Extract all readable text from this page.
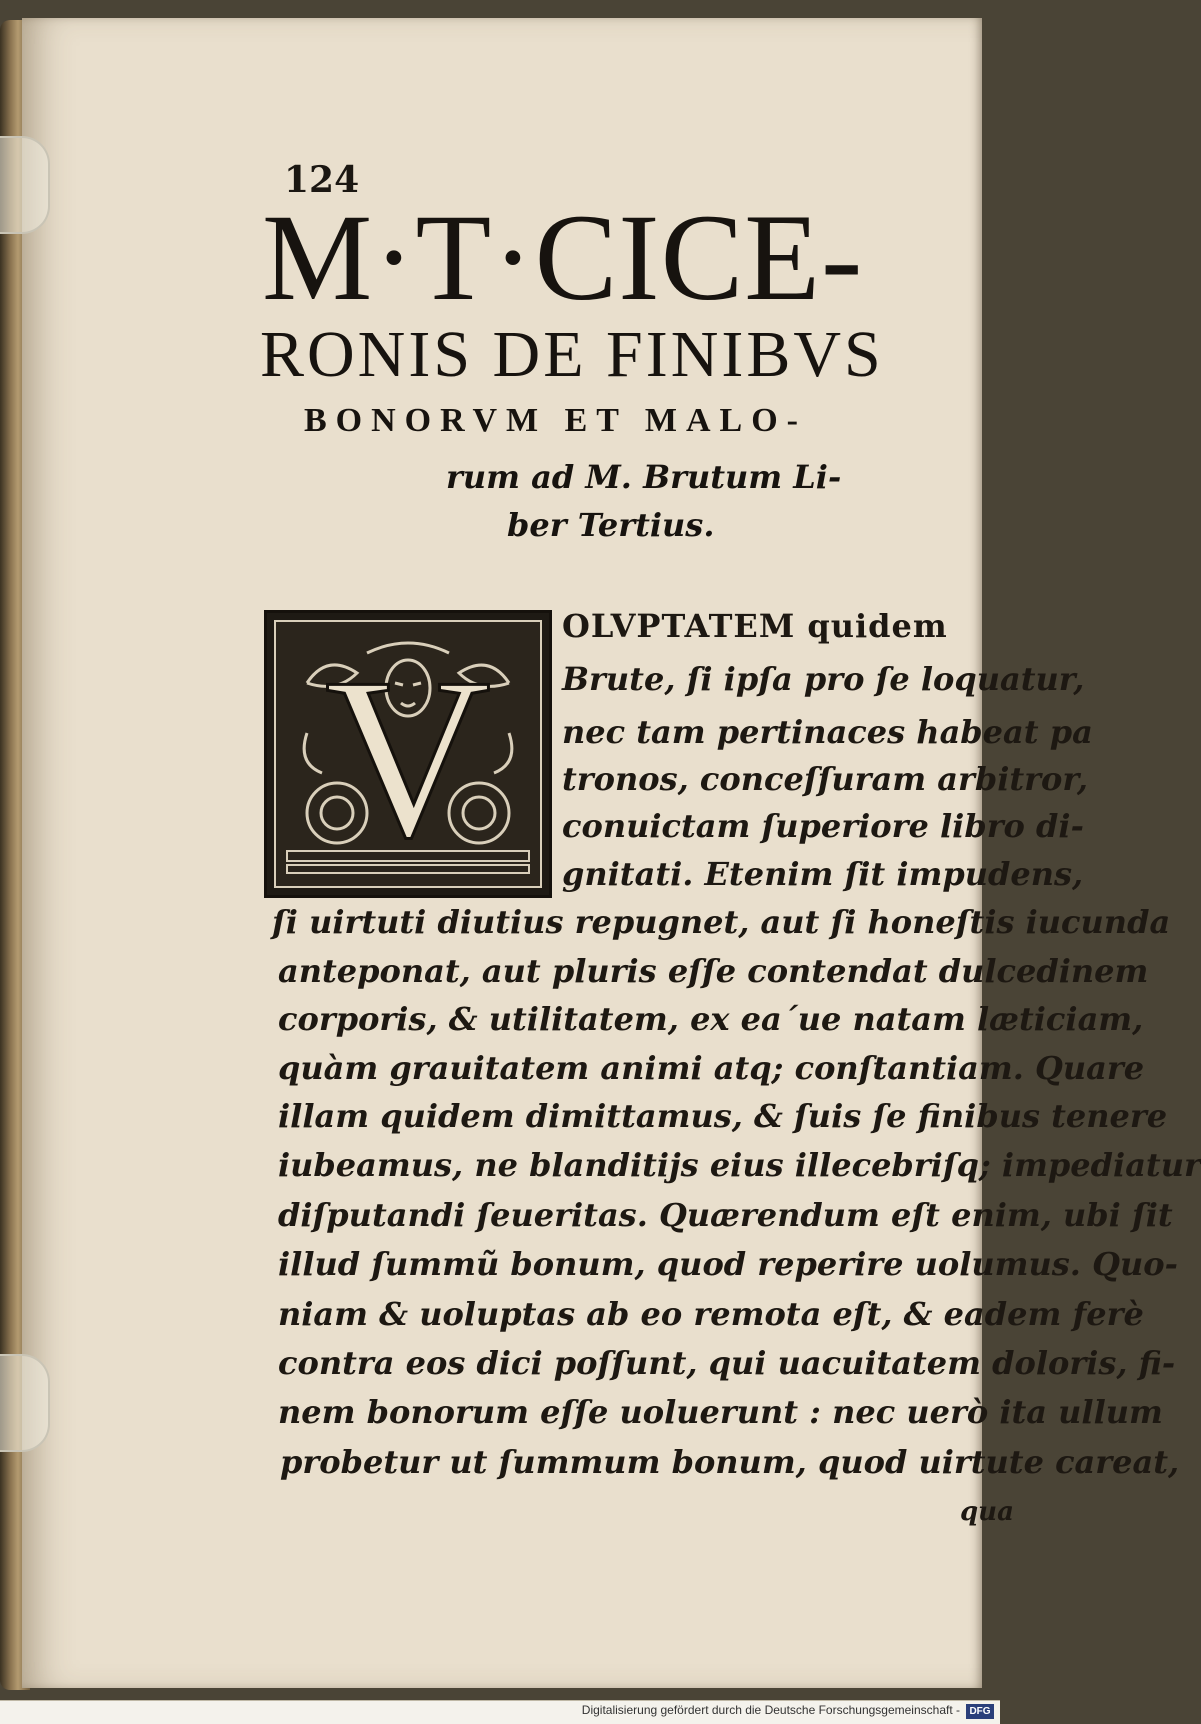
124
M·T·CICE-
RONIS DE FINIBVS
BONORVM ET MALO-
rum ad M. Brutum Li-
ber Tertius.
V
OLVPTATEM quidem
Brute, ſi ipſa pro ſe loquatur,
nec tam pertinaces habeat pa
tronos, conceſſuram arbitror,
conuictam ſuperiore libro di-
gnitati. Etenim ſit impudens,
ſi uirtuti diutius repugnet, aut ſi honeſtis iucunda
anteponat, aut pluris eſſe contendat dulcedinem
corporis, & utilitatem, ex ea´ue natam læticiam,
quàm grauitatem animi atq; conſtantiam. Quare
illam quidem dimittamus, & ſuis ſe finibus tenere
iubeamus, ne blanditijs eius illecebriſq; impediatur
diſputandi ſeueritas. Quærendum eſt enim, ubi ſit
illud ſummũ bonum, quod reperire uolumus. Quo-
niam & uoluptas ab eo remota eſt, & eadem ferè
contra eos dici poſſunt, qui uacuitatem doloris, fi-
nem bonorum eſſe uoluerunt : nec uerò ita ullum
probetur ut ſummum bonum, quod uirtute careat,
qua
Digitalisierung gefördert durch die Deutsche Forschungsgemeinschaft - DFG
